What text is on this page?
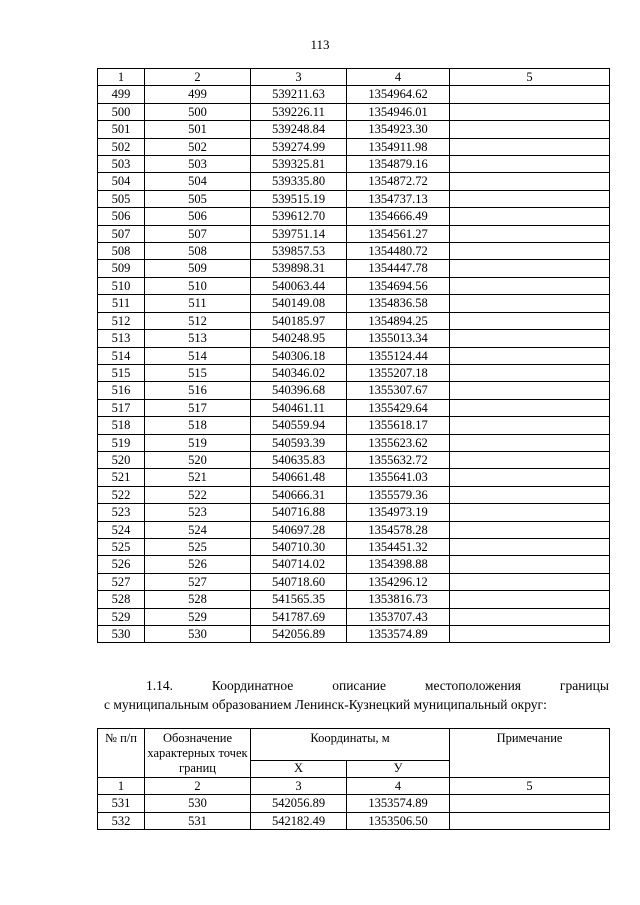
113
1	2	3	4	5
499	499	539211.63	1354964.62	
500	500	539226.11	1354946.01	
501	501	539248.84	1354923.30	
502	502	539274.99	1354911.98	
503	503	539325.81	1354879.16	
504	504	539335.80	1354872.72	
505	505	539515.19	1354737.13	
506	506	539612.70	1354666.49	
507	507	539751.14	1354561.27	
508	508	539857.53	1354480.72	
509	509	539898.31	1354447.78	
510	510	540063.44	1354694.56	
511	511	540149.08	1354836.58	
512	512	540185.97	1354894.25	
513	513	540248.95	1355013.34	
514	514	540306.18	1355124.44	
515	515	540346.02	1355207.18	
516	516	540396.68	1355307.67	
517	517	540461.11	1355429.64	
518	518	540559.94	1355618.17	
519	519	540593.39	1355623.62	
520	520	540635.83	1355632.72	
521	521	540661.48	1355641.03	
522	522	540666.31	1355579.36	
523	523	540716.88	1354973.19	
524	524	540697.28	1354578.28	
525	525	540710.30	1354451.32	
526	526	540714.02	1354398.88	
527	527	540718.60	1354296.12	
528	528	541565.35	1353816.73	
529	529	541787.69	1353707.43	
530	530	542056.89	1353574.89	
1.14.	Координатное	описание	местоположения	границы
с муниципальным образованием Ленинск-Кузнецкий муниципальный округ:
№ п/п	Обозначение характерных точек границ	Координаты, м		Примечание
		X	У	
1	2	3	4	5
531	530	542056.89	1353574.89	
532	531	542182.49	1353506.50	
